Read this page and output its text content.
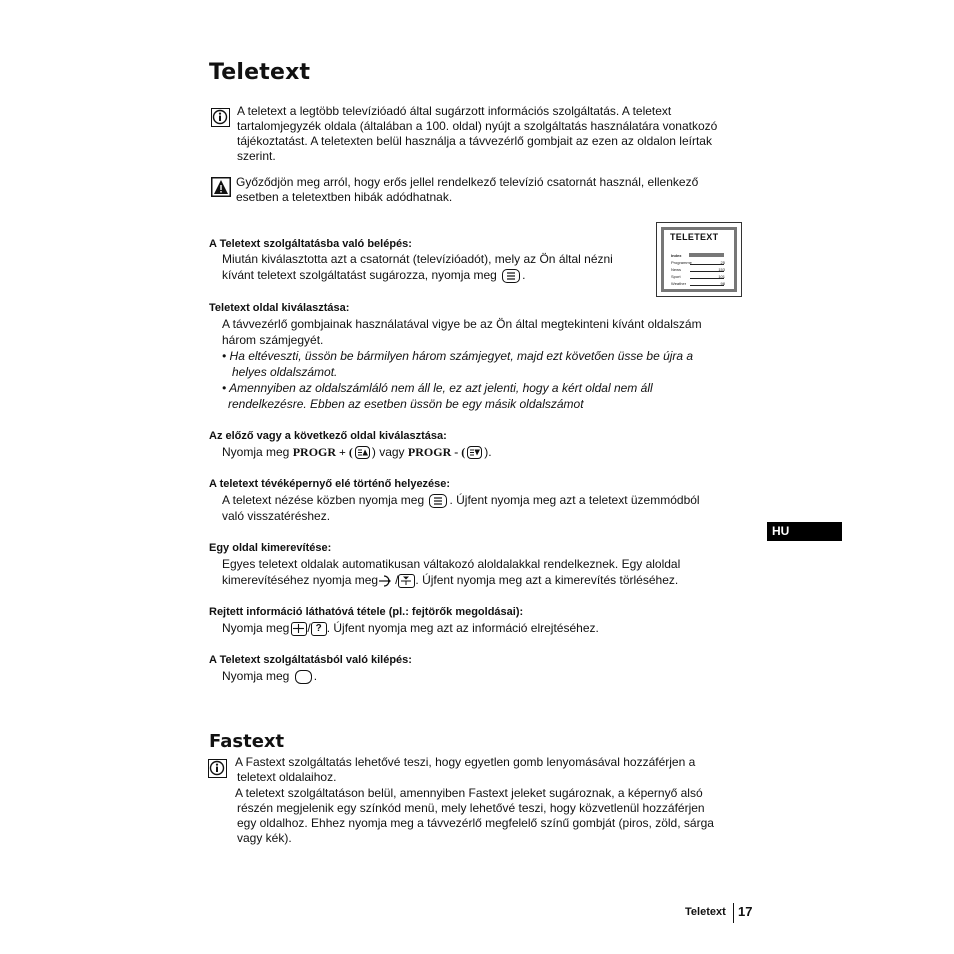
Teletext

A teletext a legtöbb televízióadó által sugárzott információs szolgáltatás. A teletext tartalomjegyzék oldala (általában a 100. oldal) nyújt a szolgáltatás használatára vonatkozó tájékoztatást. A teletexten belül használja a távvezérlő gombjait az ezen az oldalon leírtak szerint.

Győződjön meg arról, hogy erős jellel rendelkező televízió csatornát használ, ellenkező esetben a teletextben hibák adódhatnak.

TELETEXT
Index
Programme
News
Sport
Weather
25
153
101
98

A Teletext szolgáltatásba való belépés:

Miután kiválasztotta azt a csatornát (televízióadót), mely az Ön által nézni

kívánt teletext szolgáltatást sugározza, nyomja meg .

Teletext oldal kiválasztása:

A távvezérlő gombjainak használatával vigye be az Ön által megtekinteni kívánt oldalszám

három számjegyét.

• Ha eltéveszti, üssön be bármilyen három számjegyet, majd ezt követően üsse be újra a

helyes oldalszámot.

• Amennyiben az oldalszámláló nem áll le, ez azt jelenti, hogy a kért oldal nem áll

rendelkezésre. Ebben az esetben üssön be egy másik oldalszámot

Az előző vagy a következő oldal kiválasztása:

Nyomja meg PROGR + ( ) vagy PROGR - ( ).

A teletext tévéképernyő elé történő helyezése:

A teletext nézése közben nyomja meg . Újfent nyomja meg azt a teletext üzemmódból

való visszatéréshez.

Egy oldal kimerevítése:

Egyes teletext oldalak automatikusan váltakozó aloldalakkal rendelkeznek. Egy aloldal

kimerevítéséhez nyomja meg / . Újfent nyomja meg azt a kimerevítés törléséhez.

Rejtett információ láthatóvá tétele (pl.: fejtörők megoldásai):

Nyomja meg / ? . Újfent nyomja meg azt az információ elrejtéséhez.

A Teletext szolgáltatásból való kilépés:

Nyomja meg .

Fastext

A Fastext szolgáltatás lehetővé teszi, hogy egyetlen gomb lenyomásával hozzáférjen a

teletext oldalaihoz.

A teletext szolgáltatáson belül, amennyiben Fastext jeleket sugároznak, a képernyő alsó

részén megjelenik egy színkód menü, mely lehetővé teszi, hogy közvetlenül hozzáférjen

egy oldalhoz. Ehhez nyomja meg a távvezérlő megfelelő színű gombját (piros, zöld, sárga

vagy kék).

HU
Teletext 17
